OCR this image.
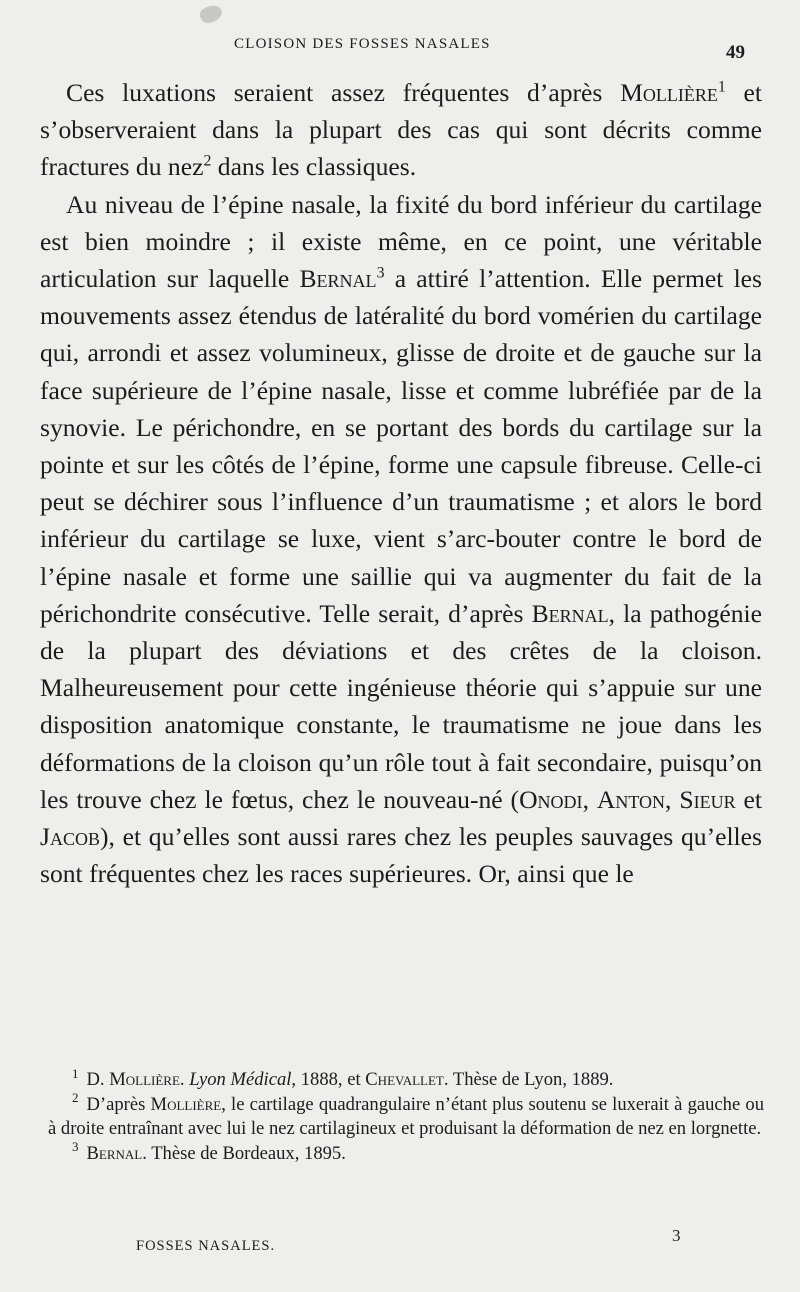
CLOISON DES FOSSES NASALES	49

Ces luxations seraient assez fréquentes d’après Mollière$^1$ et s’observeraient dans la plupart des cas qui sont décrits comme fractures du nez$^2$ dans les classiques.

Au niveau de l’épine nasale, la fixité du bord inférieur du cartilage est bien moindre ; il existe même, en ce point, une véritable articulation sur laquelle Bernal$^3$ a attiré l’attention. Elle permet les mouvements assez étendus de latéralité du bord vomérien du cartilage qui, arrondi et assez volumineux, glisse de droite et de gauche sur la face supérieure de l’épine nasale, lisse et comme lubréfiée par de la synovie. Le périchondre, en se portant des bords du cartilage sur la pointe et sur les côtés de l’épine, forme une capsule fibreuse. Celle-ci peut se déchirer sous l’influence d’un traumatisme ; et alors le bord inférieur du cartilage se luxe, vient s’arc-bouter contre le bord de l’épine nasale et forme une saillie qui va augmenter du fait de la périchondrite consécutive. Telle serait, d’après Bernal, la pathogénie de la plupart des déviations et des crêtes de la cloison. Malheureusement pour cette ingénieuse théorie qui s’appuie sur une disposition anatomique constante, le traumatisme ne joue dans les déformations de la cloison qu’un rôle tout à fait secondaire, puisqu’on les trouve chez le fœtus, chez le nouveau-né (Onodi, Anton, Sieur et Jacob), et qu’elles sont aussi rares chez les peuples sauvages qu’elles sont fréquentes chez les races supérieures. Or, ainsi que le

$^1$ D. Mollière. Lyon Médical, 1888, et Chevallet. Thèse de Lyon, 1889.

$^2$ D’après Mollière, le cartilage quadrangulaire n’étant plus soutenu se luxerait à gauche ou à droite entraînant avec lui le nez cartilagineux et produisant la déformation de nez en lorgnette.

$^3$ Bernal. Thèse de Bordeaux, 1895.

FOSSES NASALES.
3
